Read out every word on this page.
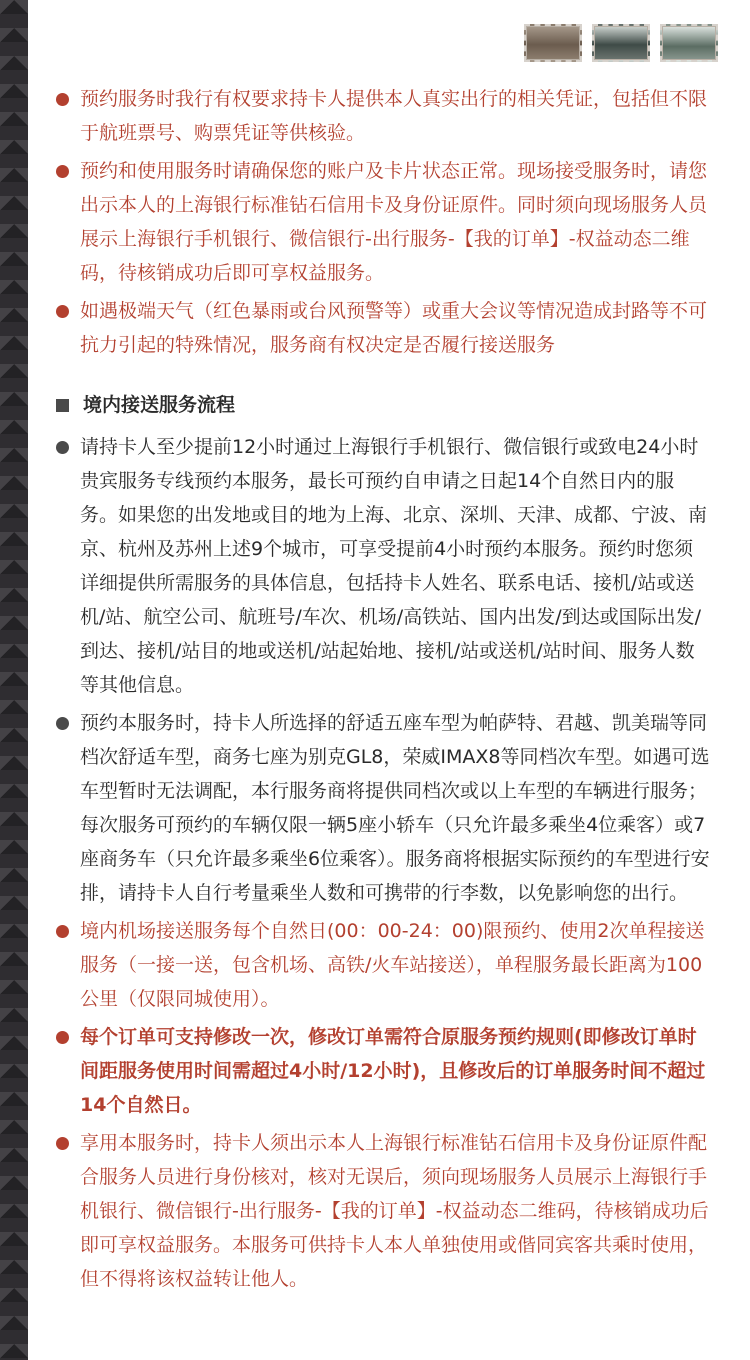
预约服务时我行有权要求持卡人提供本人真实出行的相关凭证，包括但不限于航班票号、购票凭证等供核验。
预约和使用服务时请确保您的账户及卡片状态正常。现场接受服务时，请您出示本人的上海银行标准钻石信用卡及身份证原件。同时须向现场服务人员展示上海银行手机银行、微信银行-出行服务-【我的订单】-权益动态二维码，待核销成功后即可享权益服务。
如遇极端天气（红色暴雨或台风预警等）或重大会议等情况造成封路等不可抗力引起的特殊情况，服务商有权决定是否履行接送服务
境内接送服务流程
请持卡人至少提前12小时通过上海银行手机银行、微信银行或致电24小时贵宾服务专线预约本服务，最长可预约自申请之日起14个自然日内的服务。如果您的出发地或目的地为上海、北京、深圳、天津、成都、宁波、南京、杭州及苏州上述9个城市，可享受提前4小时预约本服务。预约时您须详细提供所需服务的具体信息，包括持卡人姓名、联系电话、接机/站或送机/站、航空公司、航班号/车次、机场/高铁站、国内出发/到达或国际出发/到达、接机/站目的地或送机/站起始地、接机/站或送机/站时间、服务人数等其他信息。
预约本服务时，持卡人所选择的舒适五座车型为帕萨特、君越、凯美瑞等同档次舒适车型，商务七座为别克GL8，荣威IMAX8等同档次车型。如遇可选车型暂时无法调配，本行服务商将提供同档次或以上车型的车辆进行服务；每次服务可预约的车辆仅限一辆5座小轿车（只允许最多乘坐4位乘客）或7座商务车（只允许最多乘坐6位乘客）。服务商将根据实际预约的车型进行安排，请持卡人自行考量乘坐人数和可携带的行李数，以免影响您的出行。
境内机场接送服务每个自然日(00：00-24：00)限预约、使用2次单程接送服务（一接一送，包含机场、高铁/火车站接送），单程服务最长距离为100公里（仅限同城使用）。
每个订单可支持修改一次，修改订单需符合原服务预约规则(即修改订单时间距服务使用时间需超过4小时/12小时)，且修改后的订单服务时间不超过14个自然日。
享用本服务时，持卡人须出示本人上海银行标准钻石信用卡及身份证原件配合服务人员进行身份核对，核对无误后，须向现场服务人员展示上海银行手机银行、微信银行-出行服务-【我的订单】-权益动态二维码，待核销成功后即可享权益服务。本服务可供持卡人本人单独使用或偕同宾客共乘时使用，但不得将该权益转让他人。
